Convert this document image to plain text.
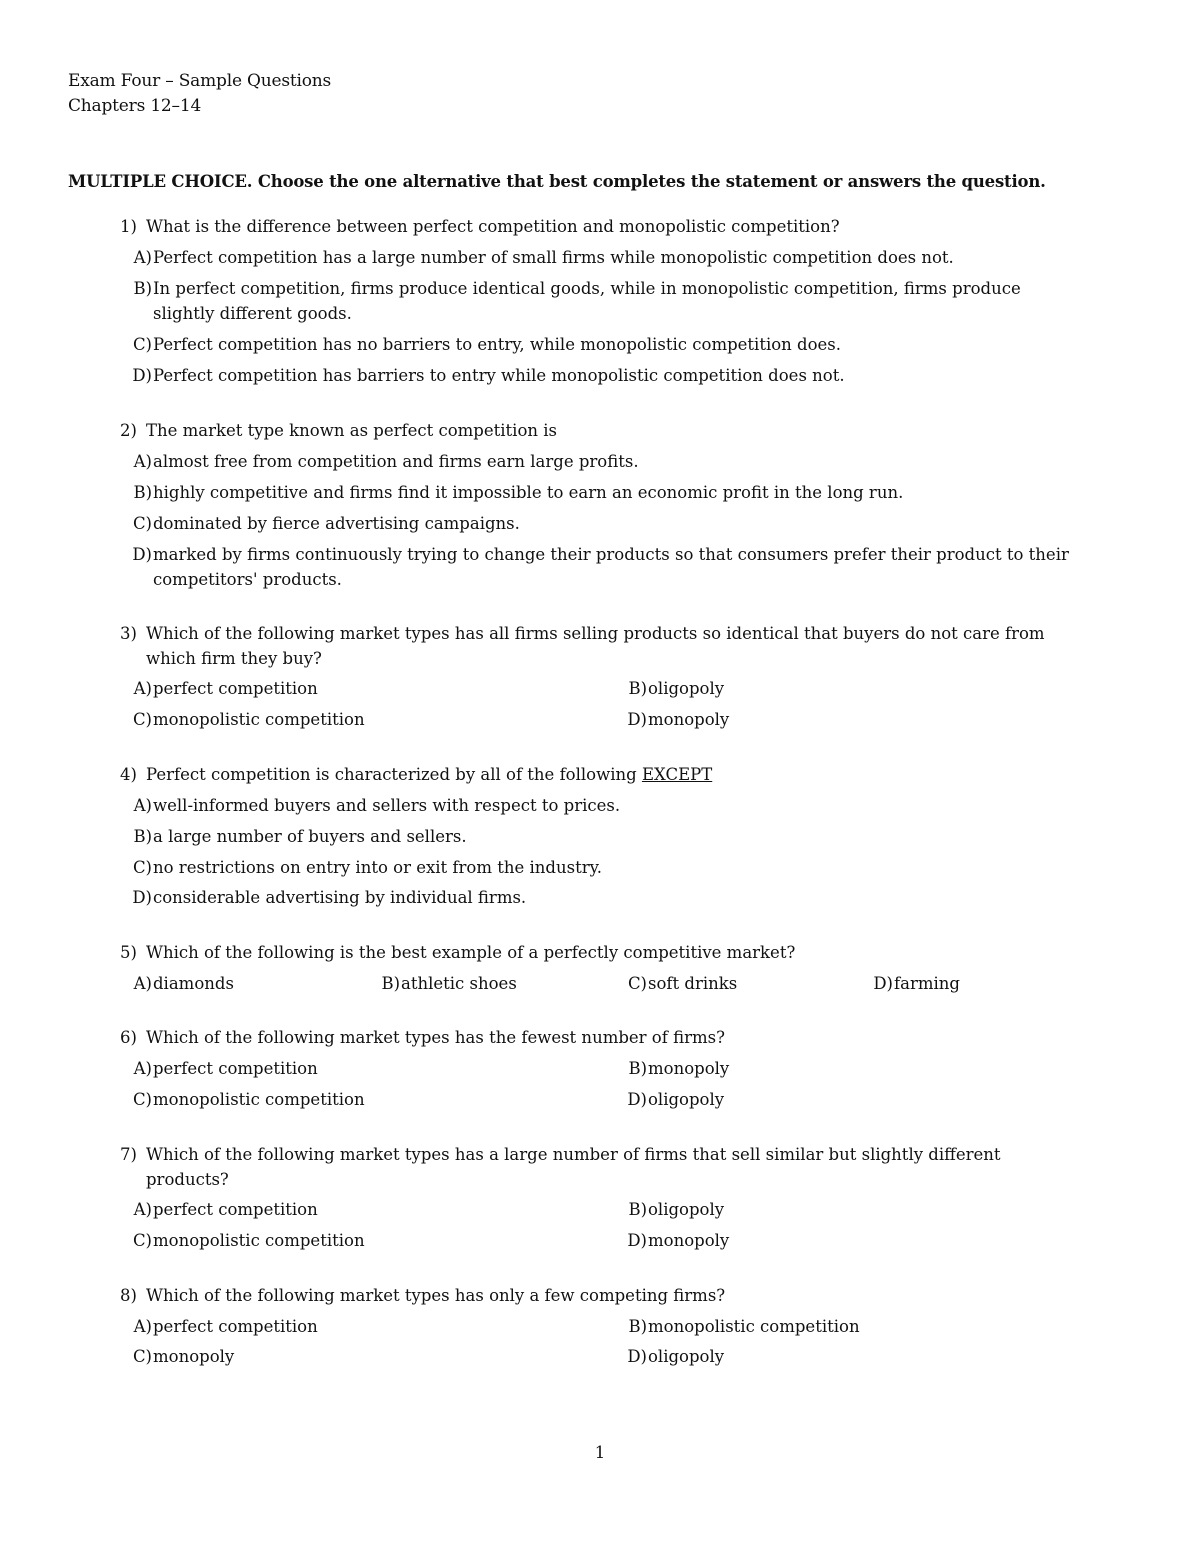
Exam Four – Sample Questions
Chapters 12–14
MULTIPLE CHOICE. Choose the one alternative that best completes the statement or answers the question.
1) What is the difference between perfect competition and monopolistic competition?
A) Perfect competition has a large number of small firms while monopolistic competition does not.
B) In perfect competition, firms produce identical goods, while in monopolistic competition, firms produce slightly different goods.
C) Perfect competition has no barriers to entry, while monopolistic competition does.
D) Perfect competition has barriers to entry while monopolistic competition does not.
2) The market type known as perfect competition is
A) almost free from competition and firms earn large profits.
B) highly competitive and firms find it impossible to earn an economic profit in the long run.
C) dominated by fierce advertising campaigns.
D) marked by firms continuously trying to change their products so that consumers prefer their product to their competitors' products.
3) Which of the following market types has all firms selling products so identical that buyers do not care from which firm they buy?
A) perfect competition	B) oligopoly
C) monopolistic competition	D) monopoly
4) Perfect competition is characterized by all of the following EXCEPT
A) well-informed buyers and sellers with respect to prices.
B) a large number of buyers and sellers.
C) no restrictions on entry into or exit from the industry.
D) considerable advertising by individual firms.
5) Which of the following is the best example of a perfectly competitive market?
A) diamonds	B) athletic shoes	C) soft drinks	D) farming
6) Which of the following market types has the fewest number of firms?
A) perfect competition	B) monopoly
C) monopolistic competition	D) oligopoly
7) Which of the following market types has a large number of firms that sell similar but slightly different products?
A) perfect competition	B) oligopoly
C) monopolistic competition	D) monopoly
8) Which of the following market types has only a few competing firms?
A) perfect competition	B) monopolistic competition
C) monopoly	D) oligopoly
1
